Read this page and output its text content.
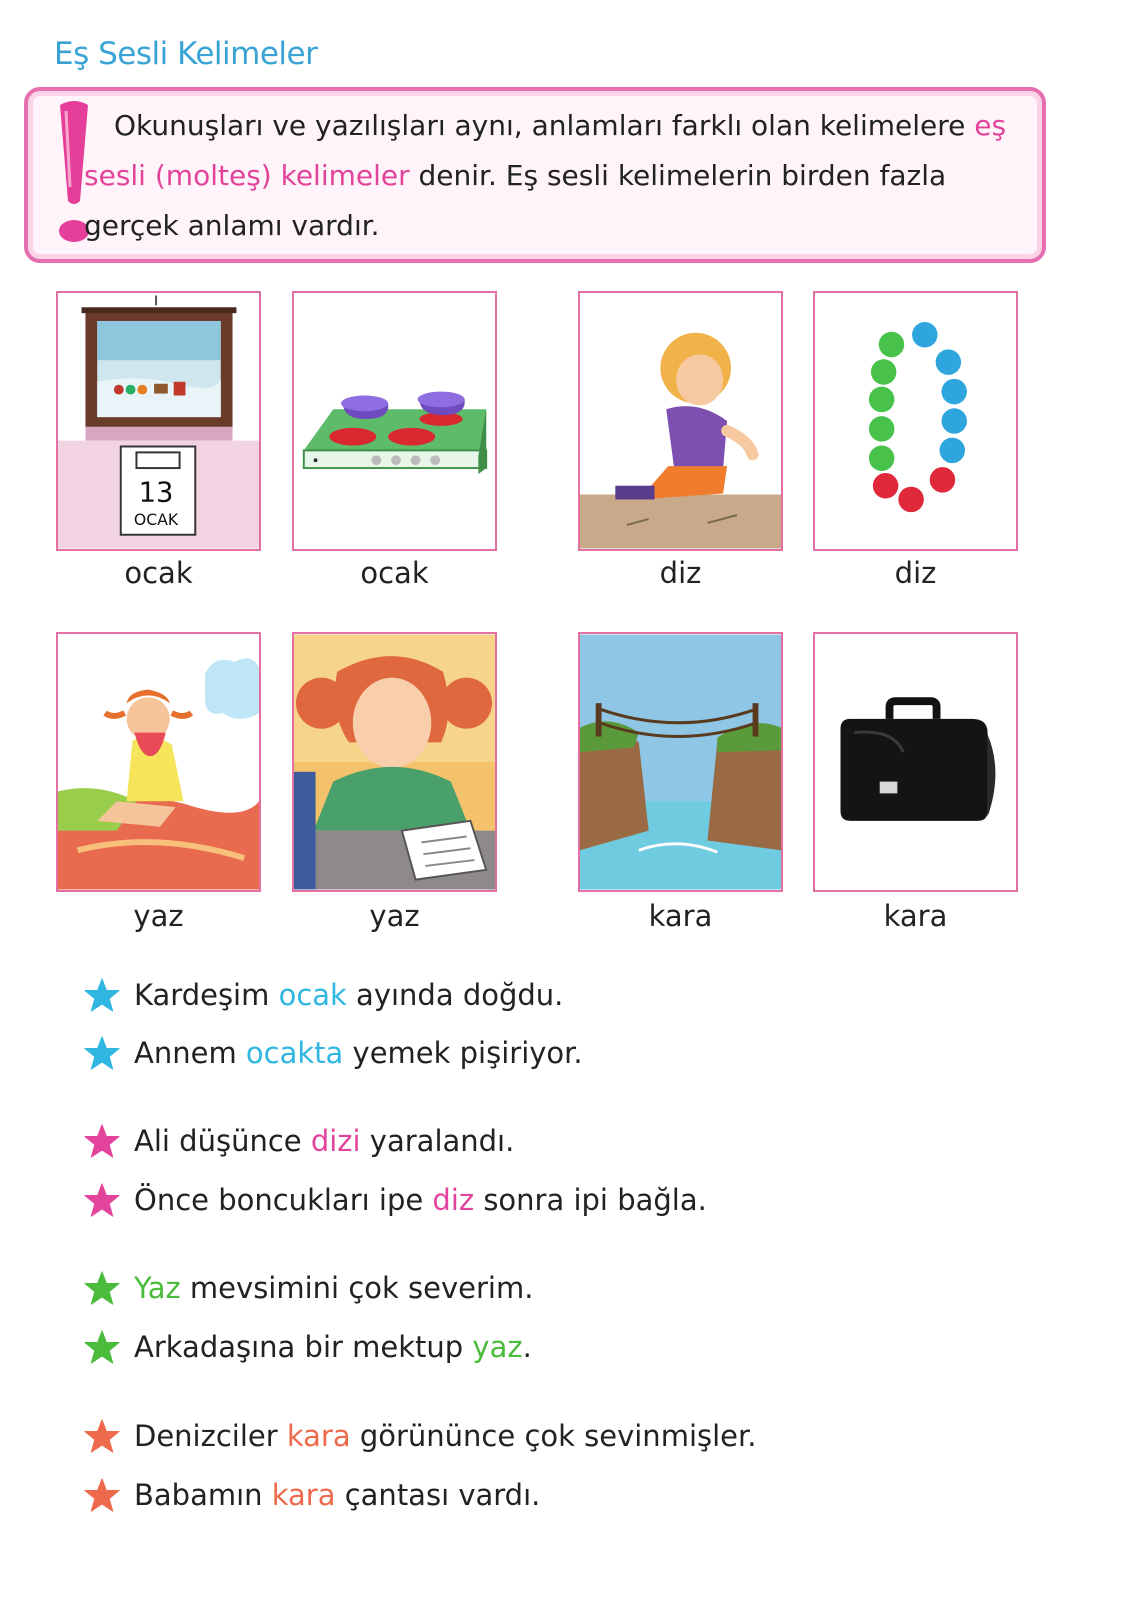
Eş Sesli Kelimeler
Okunuşları ve yazılışları aynı, anlamları farklı olan kelimelere eş sesli (molteş) kelimeler denir. Eş sesli kelimelerin birden fazla gerçek anlamı vardır.
13
OCAK
ocak	ocak	diz	diz
yaz	yaz	kara	kara
Kardeşim ocak ayında doğdu.
Annem ocakta yemek pişiriyor.
Ali düşünce dizi yaralandı.
Önce boncukları ipe diz sonra ipi bağla.
Yaz mevsimini çok severim.
Arkadaşına bir mektup yaz .
Denizciler kara görününce çok sevinmişler.
Babamın kara çantası vardı.
